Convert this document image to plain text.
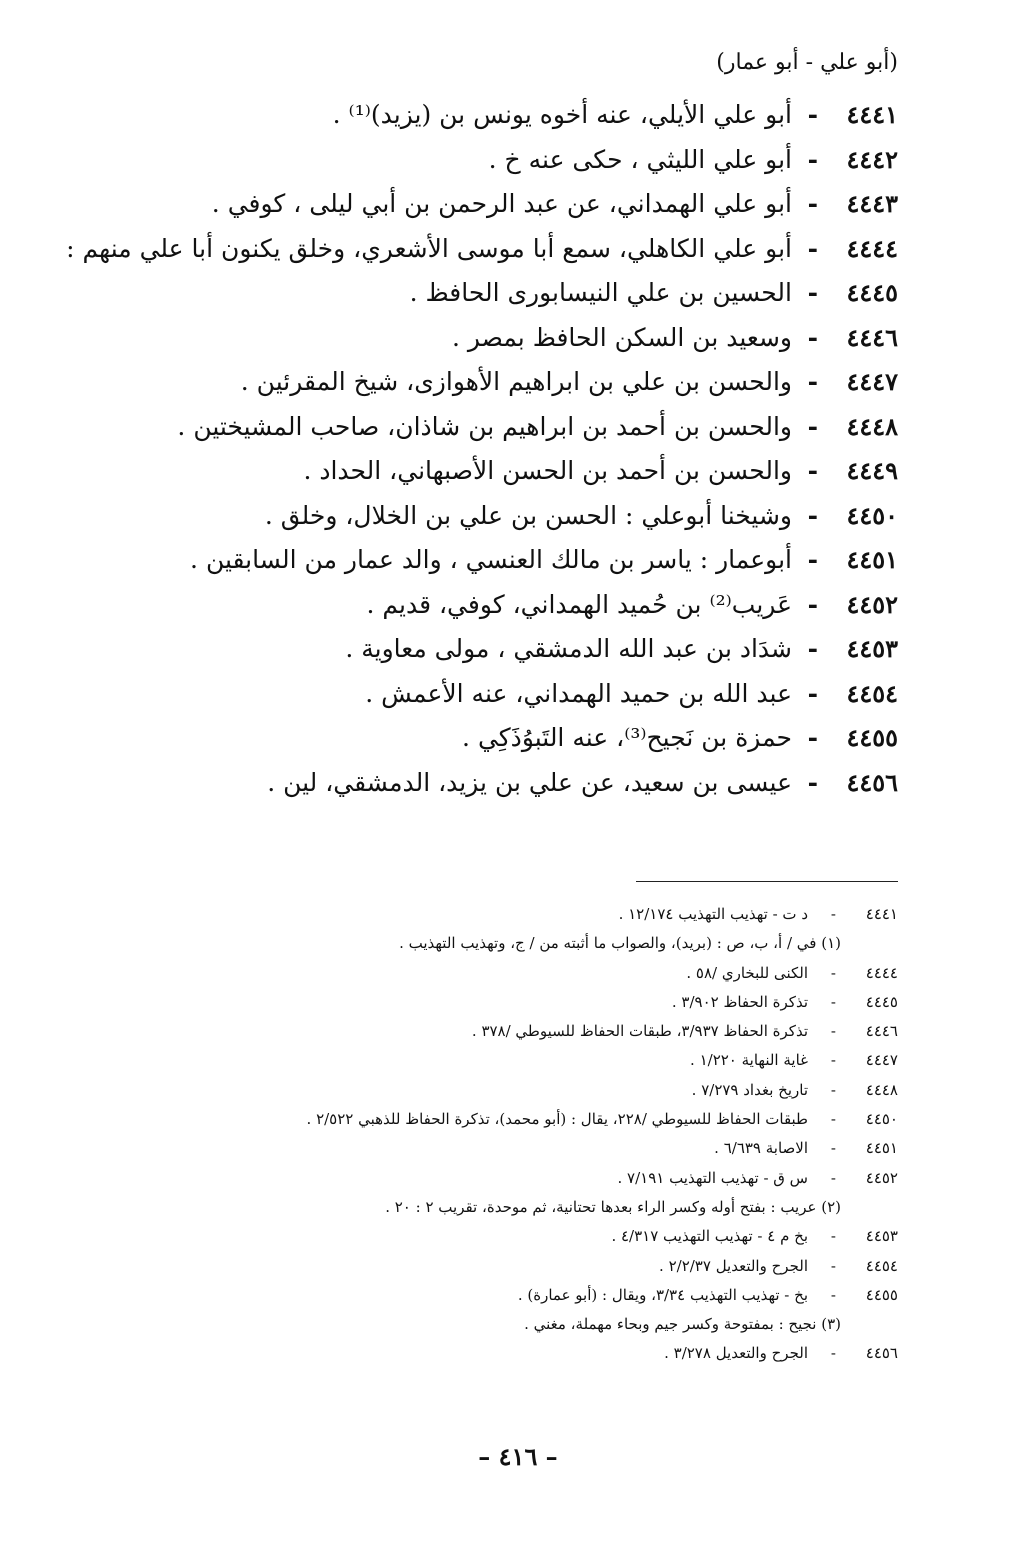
(أبو علي - أبو عمار)
٤٤٤١
-
أبو علي الأيلي، عنه أخوه يونس بن (يزيد)⁽¹⁾ .
٤٤٤٢
-
أبو علي الليثي ، حكى عنه خ .
٤٤٤٣
-
أبو علي الهمداني، عن عبد الرحمن بن أبي ليلى ، كوفي .
٤٤٤٤
-
أبو علي الكاهلي، سمع أبا موسى الأشعري، وخلق يكنون أبا علي منهم :
٤٤٤٥
-
الحسين بن علي النيسابورى الحافظ .
٤٤٤٦
-
وسعيد بن السكن الحافظ بمصر .
٤٤٤٧
-
والحسن بن علي بن ابراهيم الأهوازى، شيخ المقرئين .
٤٤٤٨
-
والحسن بن أحمد بن ابراهيم بن شاذان، صاحب المشيختين .
٤٤٤٩
-
والحسن بن أحمد بن الحسن الأصبهاني، الحداد .
٤٤٥٠
-
وشيخنا أبوعلي : الحسن بن علي بن الخلال، وخلق .
٤٤٥١
-
أبوعمار : ياسر بن مالك العنسي ، والد عمار من السابقين .
٤٤٥٢
-
عَريب⁽²⁾ بن حُميد الهمداني، كوفي، قديم .
٤٤٥٣
-
شدَاد بن عبد الله الدمشقي ، مولى معاوية .
٤٤٥٤
-
عبد الله بن حميد الهمداني، عنه الأعمش .
٤٤٥٥
-
حمزة بن نَجيح⁽³⁾، عنه التَبوُذَكِي .
٤٤٥٦
-
عيسى بن سعيد، عن علي بن يزيد، الدمشقي، لين .
٤٤٤١
-
د ت - تهذيب التهذيب ١٢/١٧٤ .
(١) في / أ، ب، ص : (بريد)، والصواب ما أثبته من / ج، وتهذيب التهذيب .
٤٤٤٤
-
الكنى للبخاري /٥٨ .
٤٤٤٥
-
تذكرة الحفاظ ٣/٩٠٢ .
٤٤٤٦
-
تذكرة الحفاظ ٣/٩٣٧، طبقات الحفاظ للسيوطي /٣٧٨ .
٤٤٤٧
-
غاية النهاية ١/٢٢٠ .
٤٤٤٨
-
تاريخ بغداد ٧/٢٧٩ .
٤٤٥٠
-
طبقات الحفاظ للسيوطي /٢٢٨، يقال : (أبو محمد)، تذكرة الحفاظ للذهبي ٢/٥٢٢ .
٤٤٥١
-
الاصابة ٦/٦٣٩ .
٤٤٥٢
-
س ق - تهذيب التهذيب ٧/١٩١ .
(٢) عريب : بفتح أوله وكسر الراء بعدها تحتانية، ثم موحدة، تقريب ٢ : ٢٠ .
٤٤٥٣
-
بخ م ٤ - تهذيب التهذيب ٤/٣١٧ .
٤٤٥٤
-
الجرح والتعديل ٢/٢/٣٧ .
٤٤٥٥
-
بخ - تهذيب التهذيب ٣/٣٤، ويقال : (أبو عمارة) .
(٣) نجيح : بمفتوحة وكسر جيم وبحاء مهملة، مغني .
٤٤٥٦
-
الجرح والتعديل ٣/٢٧٨ .
– ٤١٦ –
